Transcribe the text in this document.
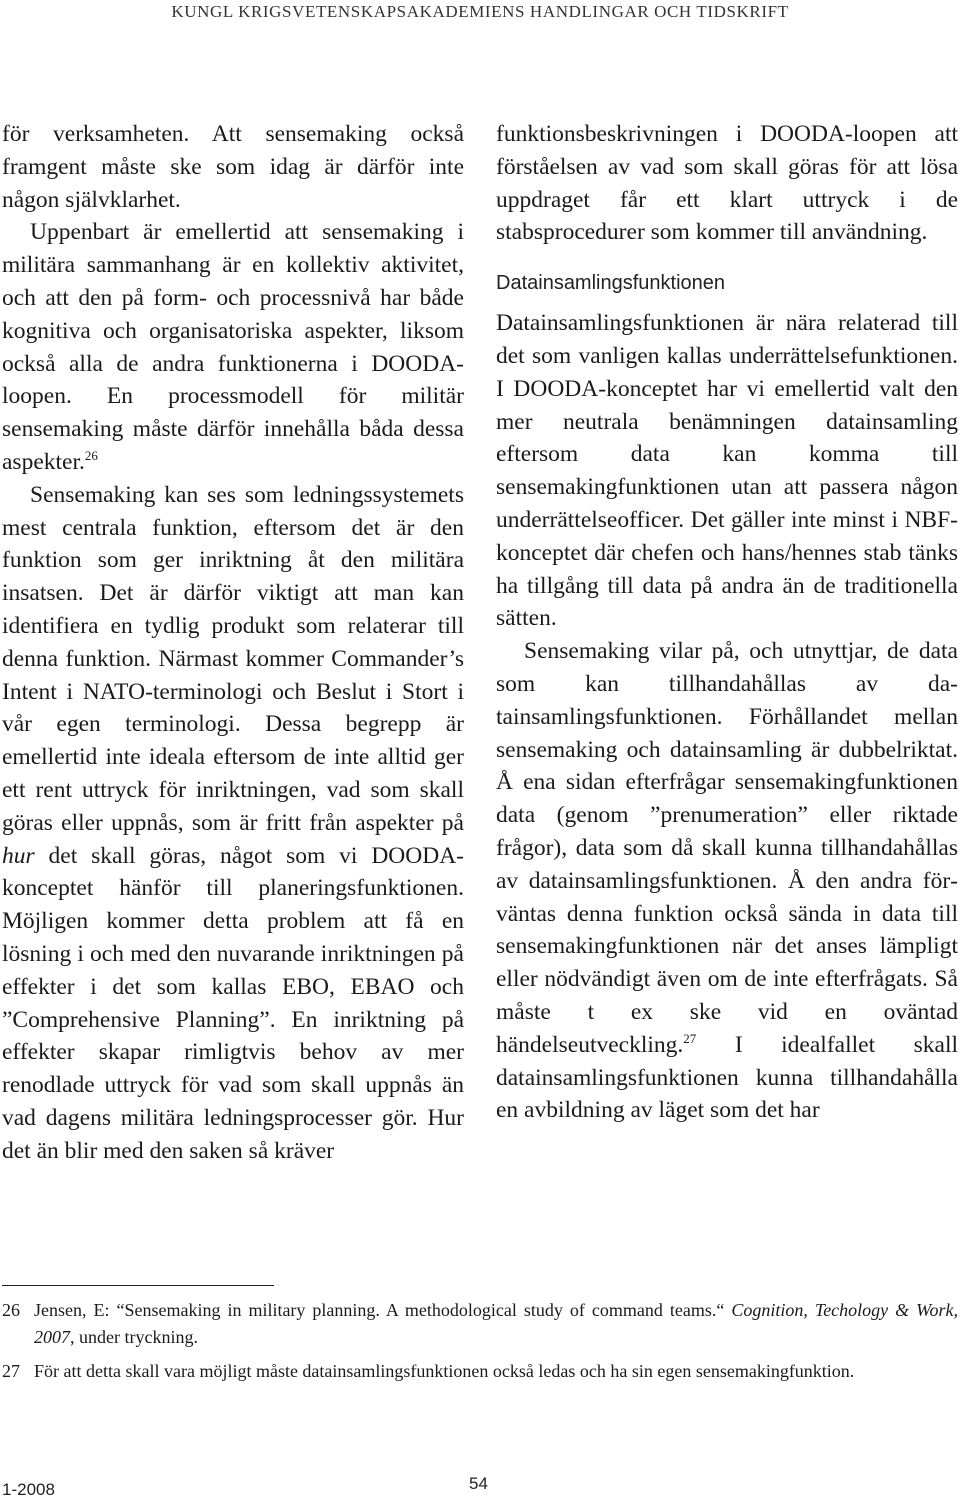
KUNGL KRIGSVETENSKAPSAKADEMIENS HANDLINGAR OCH TIDSKRIFT

för verksamheten. Att sensemaking också framgent måste ske som idag är därför inte någon självklarhet.

Uppenbart är emellertid att sensemaking i militära sammanhang är en kollektiv aktivitet, och att den på form- och processnivå har både kognitiva och organisatoriska aspekter, liksom också alla de andra funktionerna i DOODA-loopen. En processmodell för militär sensemaking måste därför innehålla båda dessa aspekter.$^{26}$

Sensemaking kan ses som ledningssystemets mest centrala funktion, eftersom det är den funktion som ger inriktning åt den militära insatsen. Det är därför viktigt att man kan identifiera en tydlig produkt som relaterar till denna funktion. Närmast kommer Commander’s Intent i NATO-terminologi och Beslut i Stort i vår egen terminologi. Dessa begrepp är emellertid inte ideala eftersom de inte alltid ger ett rent uttryck för inriktningen, vad som skall göras eller uppnås, som är fritt från aspekter på hur det skall göras, något som vi DOODA-konceptet hänför till planeringsfunktionen. Möjligen kommer detta problem att få en lösning i och med den nuvarande inriktningen på effekter i det som kallas EBO, EBAO och ”Comprehensive Planning”. En inriktning på effekter skapar rimligtvis behov av mer renodlade uttryck för vad som skall uppnås än vad dagens militära ledningsprocesser gör. Hur det än blir med den saken så kräver

funktionsbeskrivningen i DOODA-loopen att förståelsen av vad som skall göras för att lösa uppdraget får ett klart uttryck i de stabsprocedurer som kommer till användning.

Datainsamlingsfunktionen

Datainsamlingsfunktionen är nära relaterad till det som vanligen kallas underrättelsefunktionen. I DOODA-konceptet har vi emellertid valt den mer neutrala benämningen datainsamling eftersom data kan komma till sensemakingfunktionen utan att passera någon underrättelseofficer. Det gäller inte minst i NBF-konceptet där chefen och hans/hennes stab tänks ha tillgång till data på andra än de traditionella sätten.

Sensemaking vilar på, och utnyttjar, de data som kan tillhandahållas av datainsamlingsfunktionen. Förhållandet mellan sensemaking och datainsamling är dubbelriktat. Å ena sidan efterfrågar sensemakingfunktionen data (genom ”prenumeration” eller riktade frågor), data som då skall kunna tillhandahållas av datainsamlingsfunktionen. Å den andra förväntas denna funktion också sända in data till sensemakingfunktionen när det anses lämpligt eller nödvändigt även om de inte efterfrågats. Så måste t ex ske vid en oväntad händelseutveckling.$^{27}$ I idealfallet skall datainsamlingsfunktionen kunna tillhandahålla en avbildning av läget som det har

26 Jensen, E: “Sensemaking in military planning. A methodological study of command teams.“ Cognition, Techology & Work, 2007, under tryckning.
27 För att detta skall vara möjligt måste datainsamlingsfunktionen också ledas och ha sin egen sensemakingfunktion.
1-2008	54
